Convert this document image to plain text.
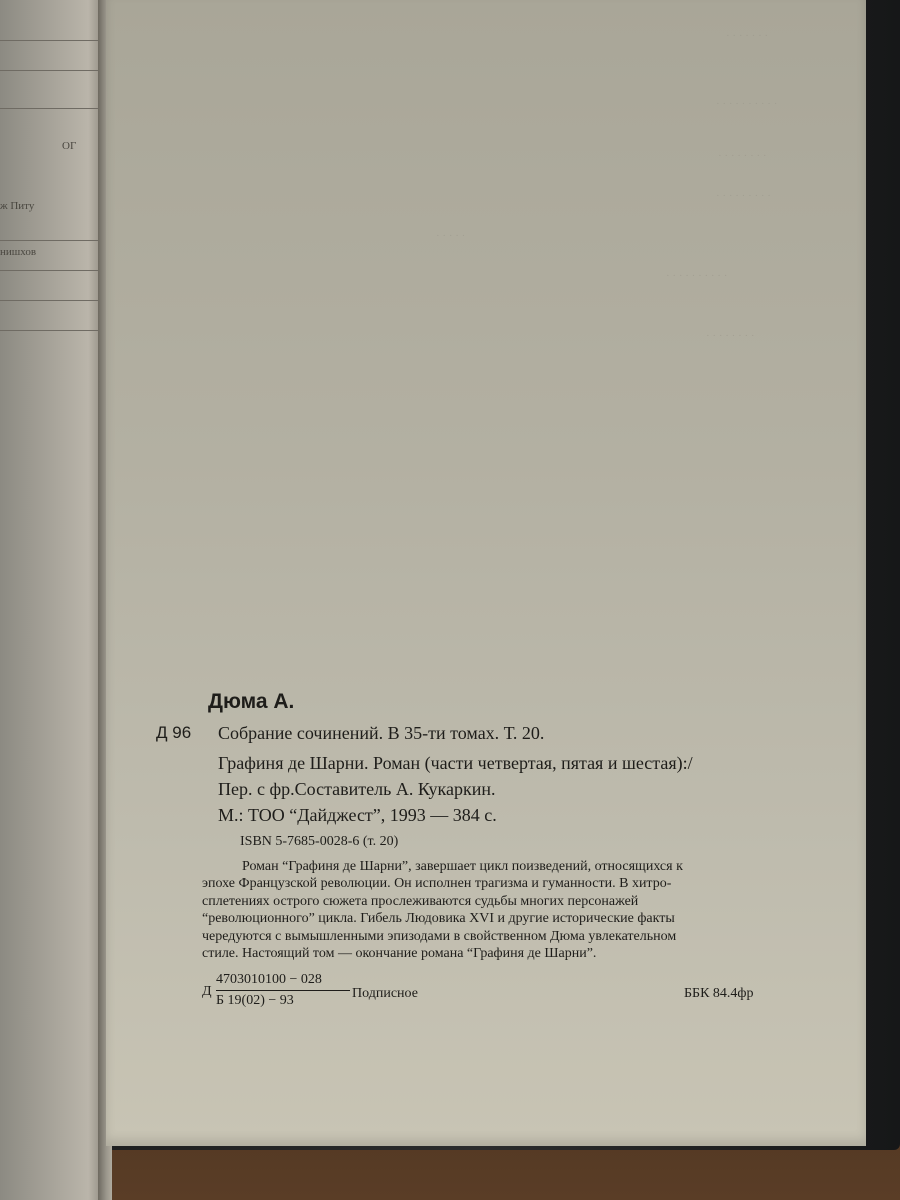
ОГ
ж Питу
нишхов
· · · · · · ·
· · · · · · · · · ·
· · · · · · · ·
· · · · · · · · ·
· · · · ·
· · · · · · · · · ·
· · · · · · · ·
Дюма А.
Д 96 Собрание сочинений. В 35-ти томах. Т. 20.
Графиня де Шарни. Роман (части четвертая, пятая и шестая):/
Пер. с фр.Составитель А. Кукаркин.
М.: ТОО “Дайджест”, 1993 — 384 с.
ISBN 5-7685-0028-6 (т. 20)
Роман “Графиня де Шарни”, завершает цикл поизведений, относящихся к
эпохе Французской революции. Он исполнен трагизма и гуманности. В хитро-
сплетениях острого сюжета прослеживаются судьбы многих персонажей
“революционного” цикла. Гибель Людовика XVI и другие исторические факты
чередуются с вымышленными эпизодами в свойственном Дюма увлекательном
стиле. Настоящий том — окончание романа “Графиня де Шарни”.
Д
4703010100 − 028
Б 19(02) − 93	Подписное	ББК 84.4фр
